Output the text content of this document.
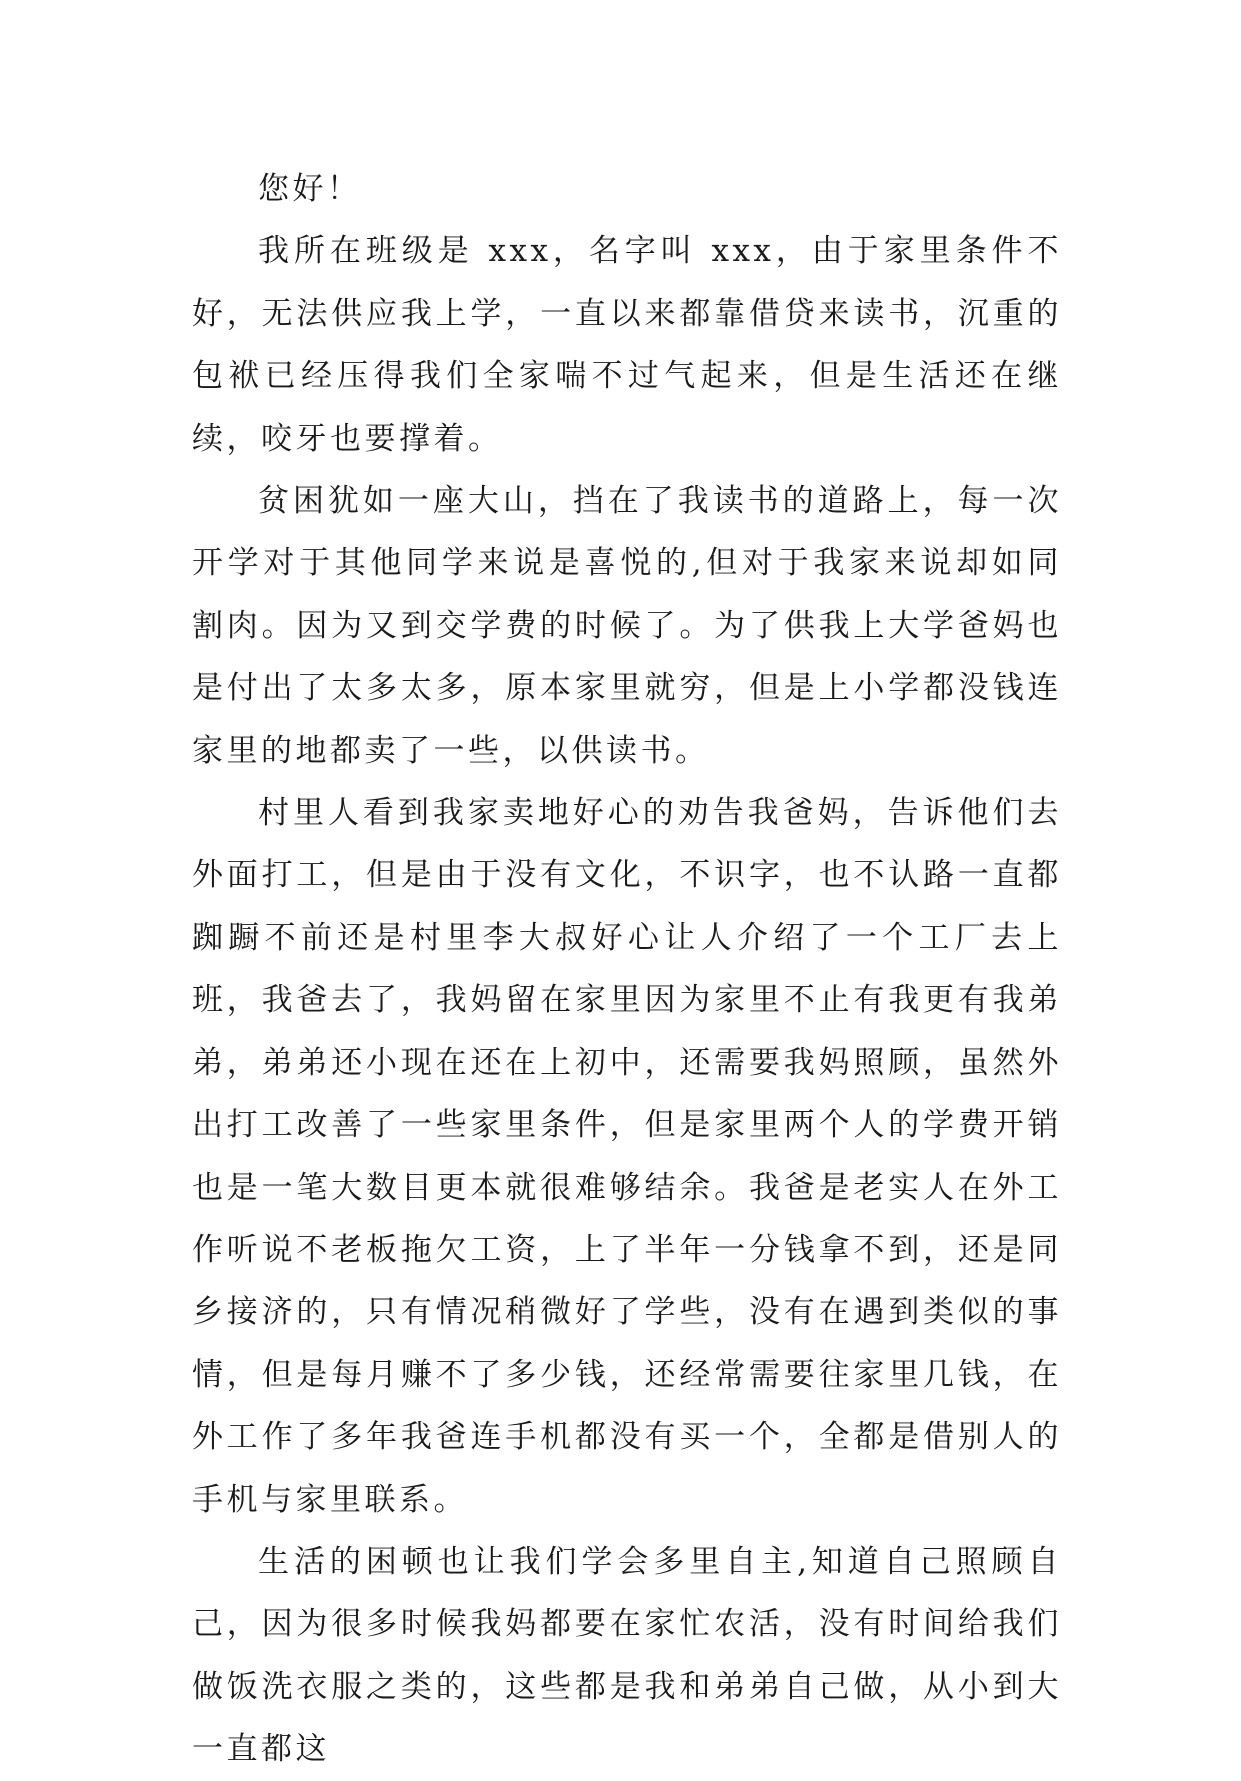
您好！

我所在班级是 xxx，名字叫 xxx，由于家里条件不好，无法供应我上学，一直以来都靠借贷来读书，沉重的包袱已经压得我们全家喘不过气起来，但是生活还在继续，咬牙也要撑着。

贫困犹如一座大山，挡在了我读书的道路上，每一次开学对于其他同学来说是喜悦的,但对于我家来说却如同割肉。因为又到交学费的时候了。为了供我上大学爸妈也是付出了太多太多，原本家里就穷，但是上小学都没钱连家里的地都卖了一些，以供读书。

村里人看到我家卖地好心的劝告我爸妈，告诉他们去外面打工，但是由于没有文化，不识字，也不认路一直都踟蹰不前还是村里李大叔好心让人介绍了一个工厂去上班，我爸去了，我妈留在家里因为家里不止有我更有我弟弟，弟弟还小现在还在上初中，还需要我妈照顾，虽然外出打工改善了一些家里条件，但是家里两个人的学费开销也是一笔大数目更本就很难够结余。我爸是老实人在外工作听说不老板拖欠工资，上了半年一分钱拿不到，还是同乡接济的，只有情况稍微好了学些，没有在遇到类似的事情，但是每月赚不了多少钱，还经常需要往家里几钱，在外工作了多年我爸连手机都没有买一个，全都是借别人的手机与家里联系。

生活的困顿也让我们学会多里自主,知道自己照顾自己，因为很多时候我妈都要在家忙农活，没有时间给我们做饭洗衣服之类的，这些都是我和弟弟自己做，从小到大一直都这
